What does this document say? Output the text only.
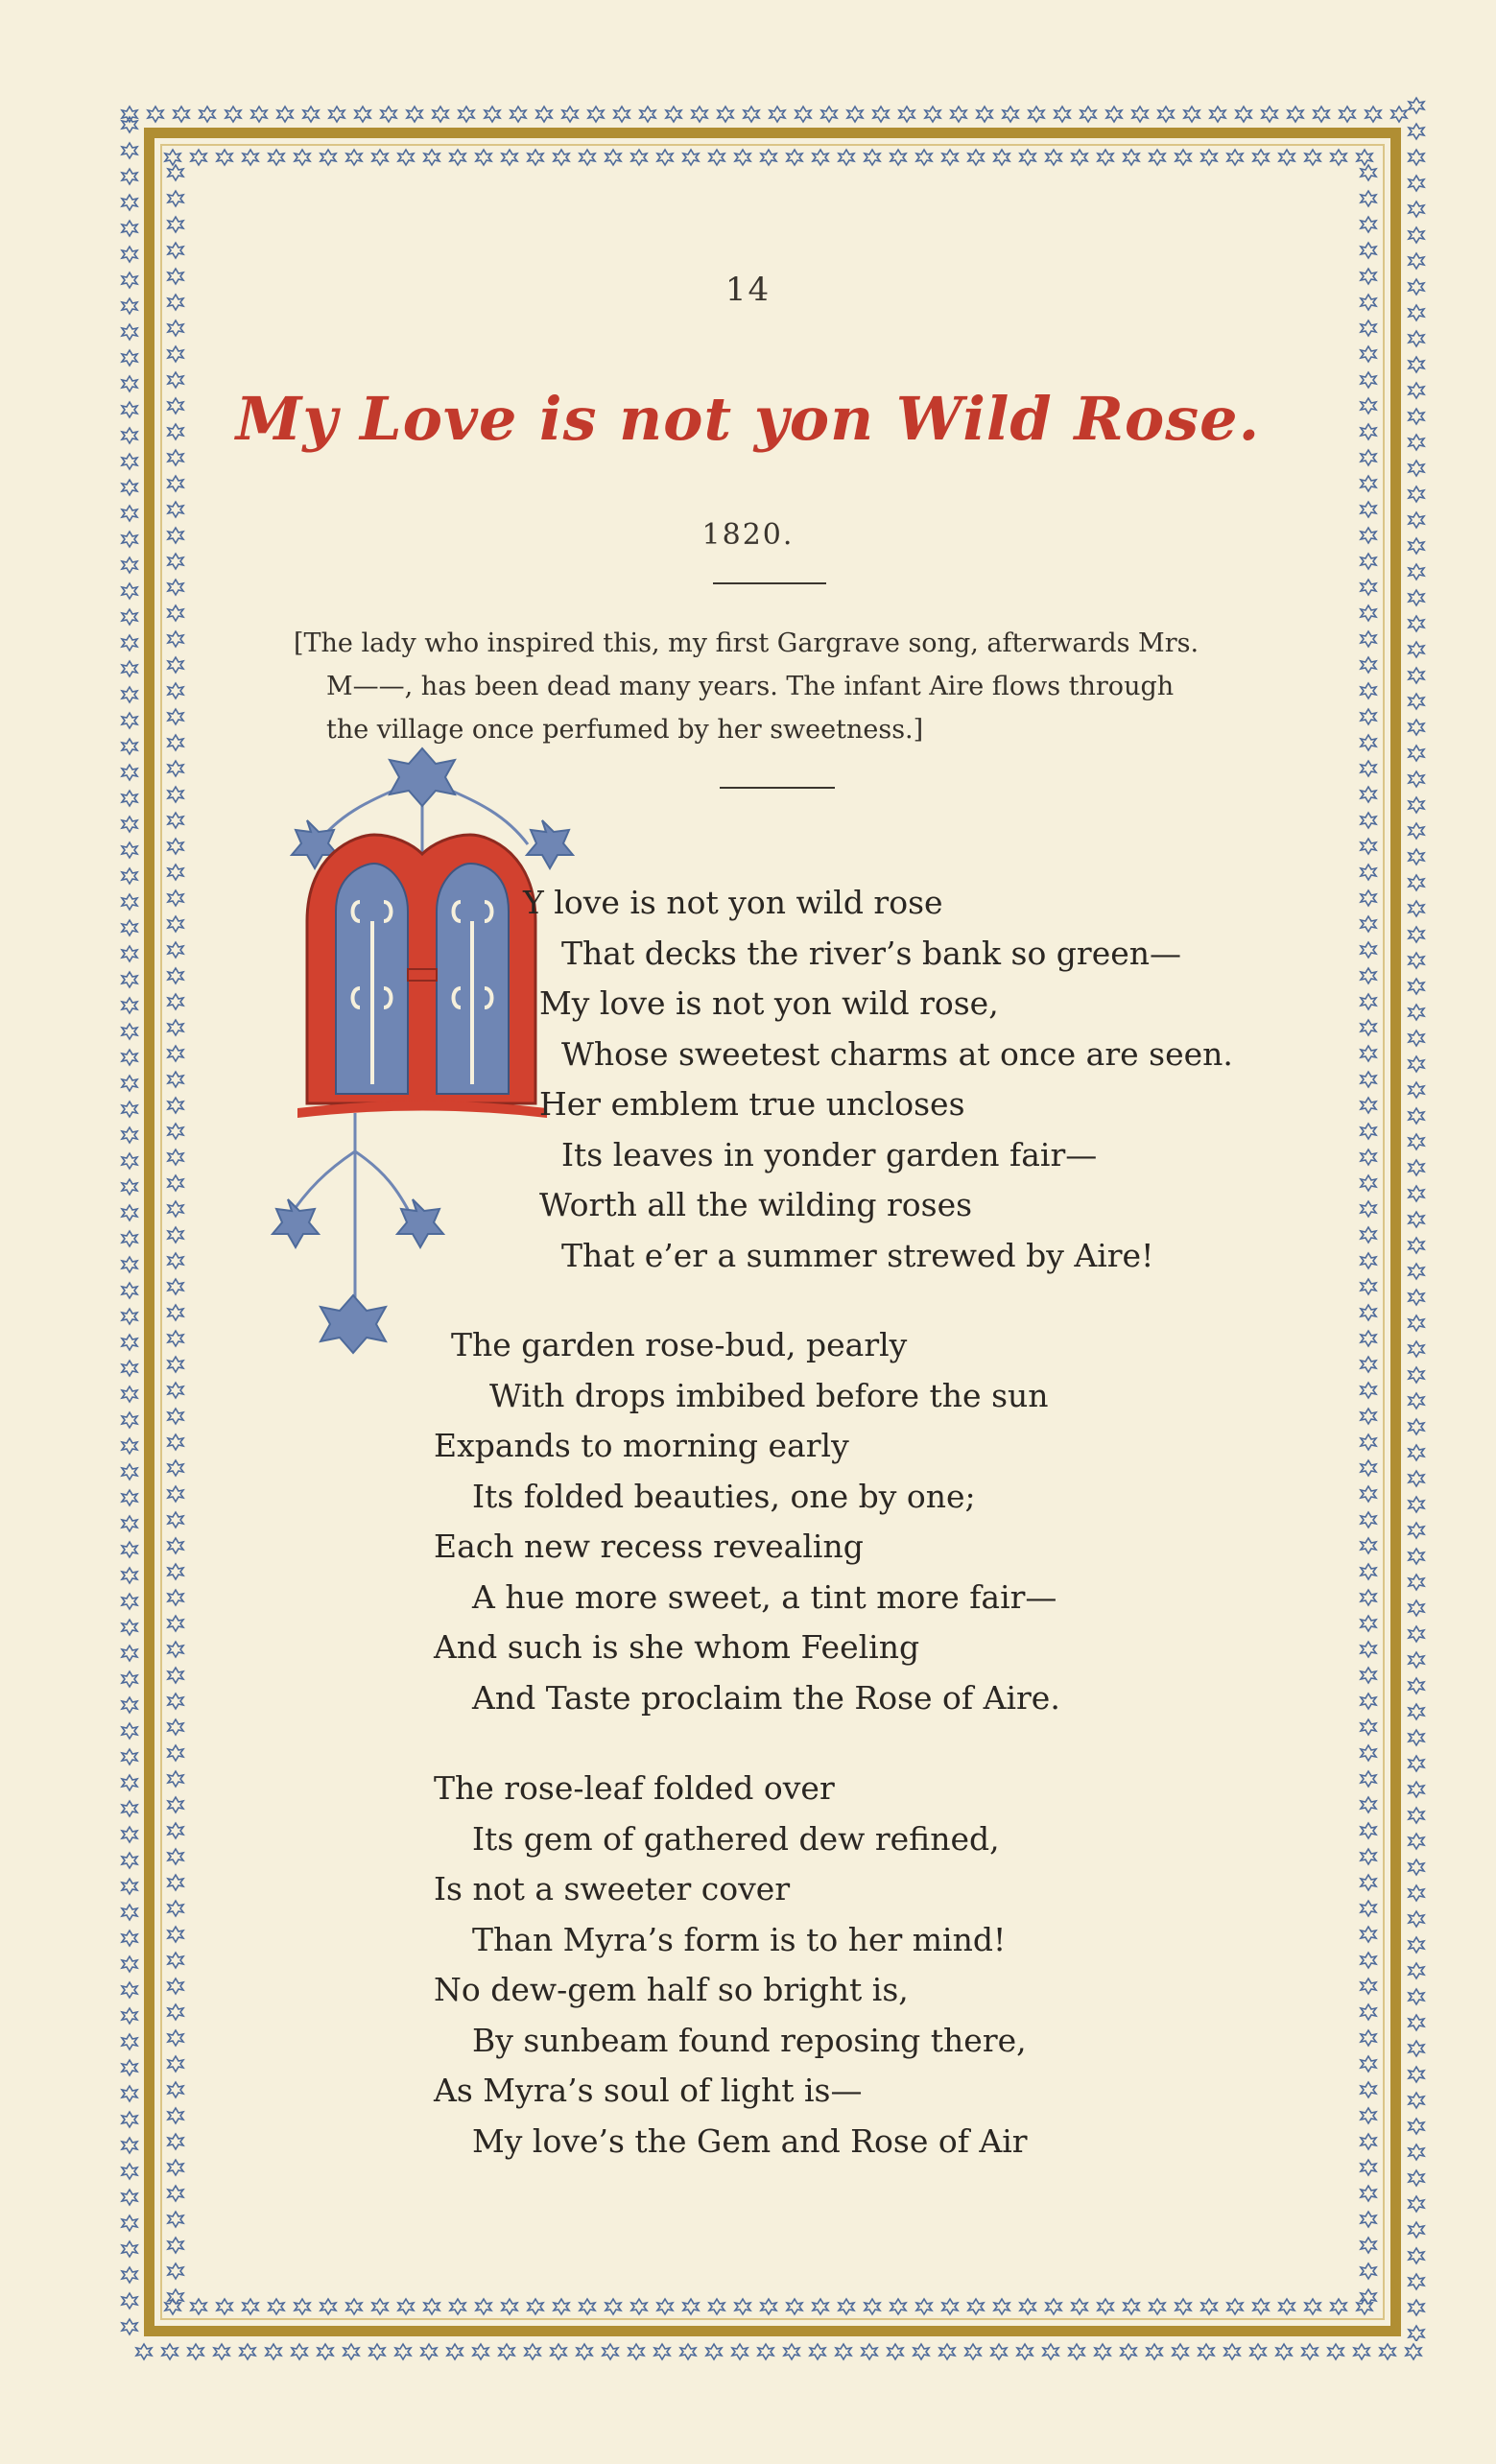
14
My Love is not yon Wild Rose.
1820.
[The lady who inspired this, my first Gargrave song, afterwards Mrs.
M——, has been dead many years. The infant Aire flows through
the village once perfumed by her sweetness.]
Y love is not yon wild rose
That decks the river’s bank so green—
My love is not yon wild rose,
Whose sweetest charms at once are seen.
Her emblem true uncloses
Its leaves in yonder garden fair—
Worth all the wilding roses
That e’er a summer strewed by Aire!
The garden rose-bud, pearly
With drops imbibed before the sun
Expands to morning early
Its folded beauties, one by one;
Each new recess revealing
A hue more sweet, a tint more fair—
And such is she whom Feeling
And Taste proclaim the Rose of Aire.
The rose-leaf folded over
Its gem of gathered dew refined,
Is not a sweeter cover
Than Myra’s form is to her mind!
No dew-gem half so bright is,
By sunbeam found reposing there,
As Myra’s soul of light is—
My love’s the Gem and Rose of Air
